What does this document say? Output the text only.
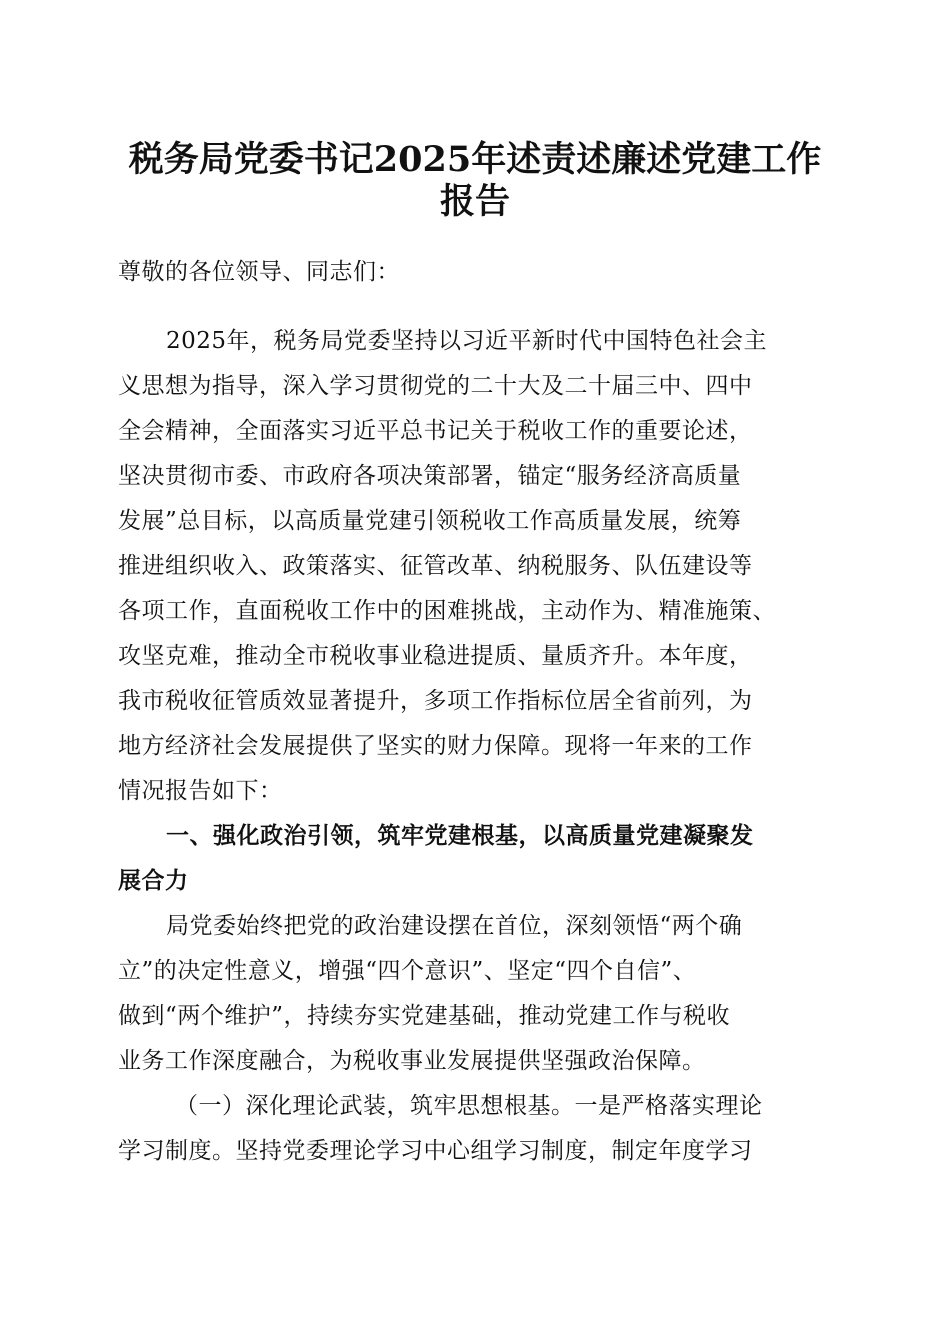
税务局党委书记2025年述责述廉述党建工作
报告

尊敬的各位领导、同志们：

2025年，税务局党委坚持以习近平新时代中国特色社会主

义思想为指导，深入学习贯彻党的二十大及二十届三中、四中

全会精神，全面落实习近平总书记关于税收工作的重要论述，

坚决贯彻市委、市政府各项决策部署，锚定“服务经济高质量

发展”总目标，以高质量党建引领税收工作高质量发展，统筹

推进组织收入、政策落实、征管改革、纳税服务、队伍建设等

各项工作，直面税收工作中的困难挑战，主动作为、精准施策、

攻坚克难，推动全市税收事业稳进提质、量质齐升。本年度，

我市税收征管质效显著提升，多项工作指标位居全省前列，为

地方经济社会发展提供了坚实的财力保障。现将一年来的工作

情况报告如下：

一、强化政治引领，筑牢党建根基，以高质量党建凝聚发

展合力

局党委始终把党的政治建设摆在首位，深刻领悟“两个确

立”的决定性意义，增强“四个意识”、坚定“四个自信”、

做到“两个维护”，持续夯实党建基础，推动党建工作与税收

业务工作深度融合，为税收事业发展提供坚强政治保障。

（一）深化理论武装，筑牢思想根基。一是严格落实理论

学习制度。坚持党委理论学习中心组学习制度，制定年度学习
